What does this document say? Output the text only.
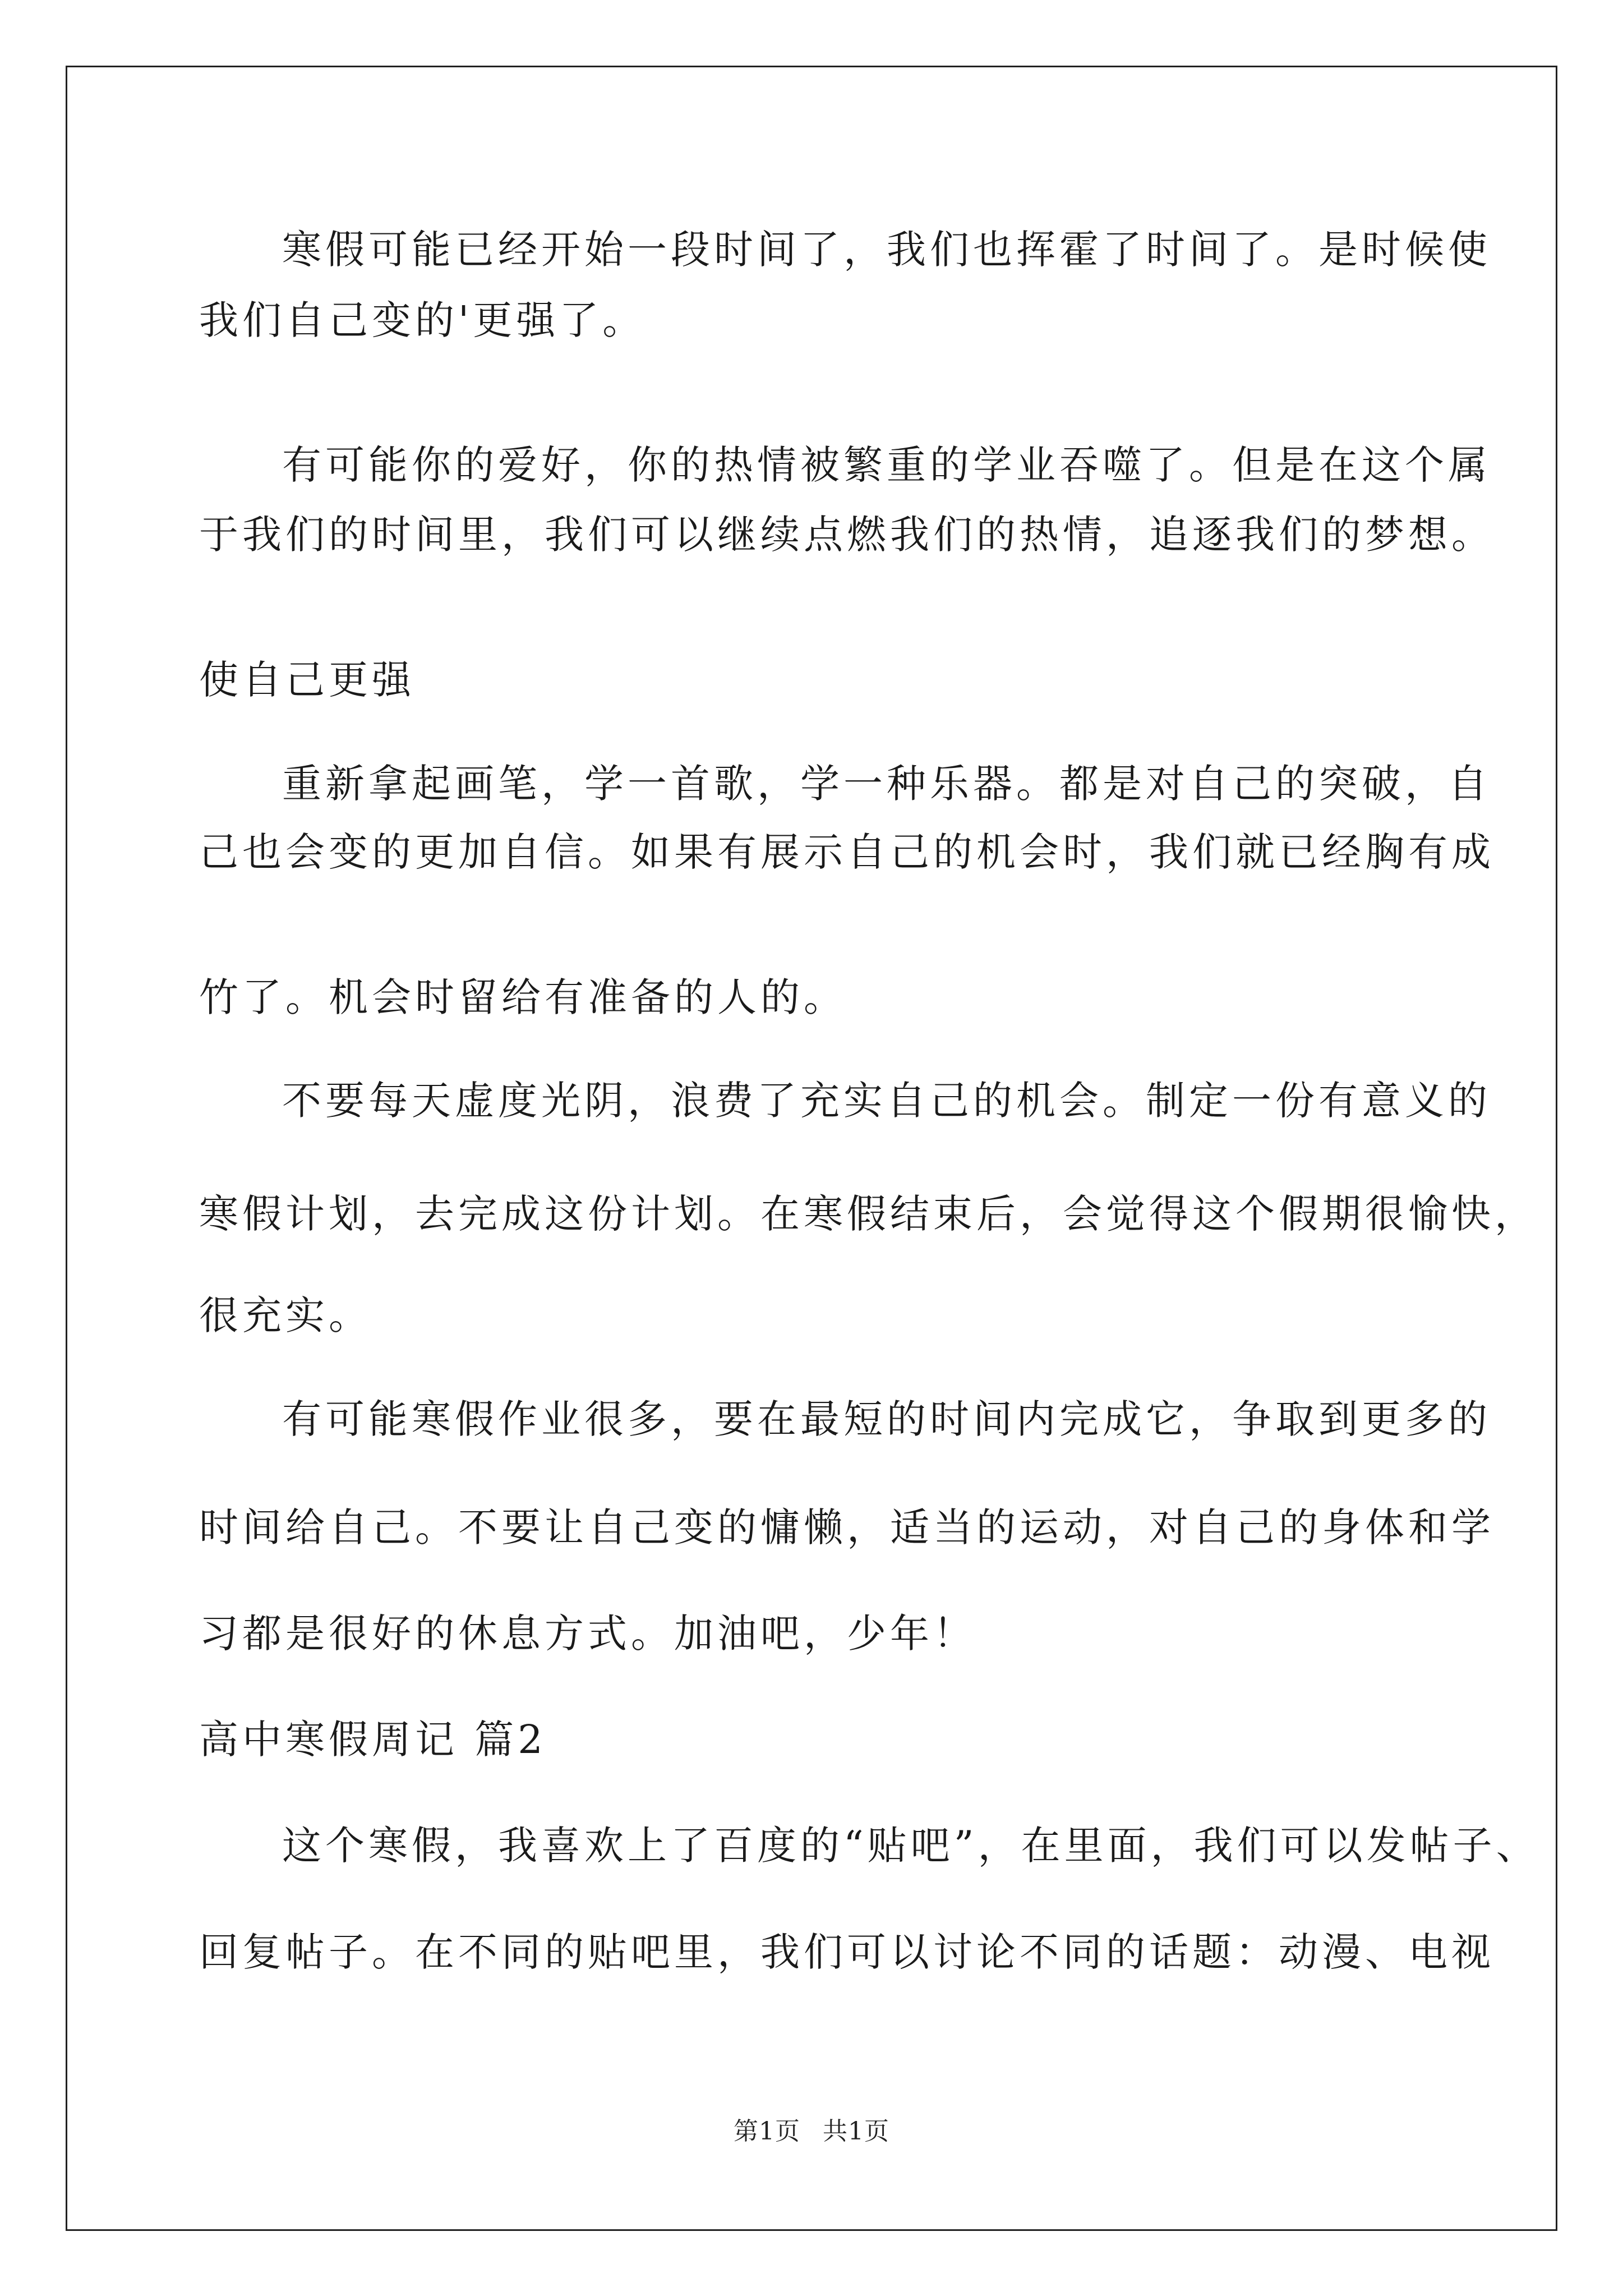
寒假可能已经开始一段时间了，我们也挥霍了时间了。是时候使
我们自己变的'更强了。
有可能你的爱好，你的热情被繁重的学业吞噬了。但是在这个属
于我们的时间里，我们可以继续点燃我们的热情，追逐我们的梦想。
使自己更强
重新拿起画笔，学一首歌，学一种乐器。都是对自己的突破，自
己也会变的更加自信。如果有展示自己的机会时，我们就已经胸有成
竹了。机会时留给有准备的人的。
不要每天虚度光阴，浪费了充实自己的机会。制定一份有意义的
寒假计划，去完成这份计划。在寒假结束后，会觉得这个假期很愉快，
很充实。
有可能寒假作业很多，要在最短的时间内完成它，争取到更多的
时间给自己。不要让自己变的慵懒，适当的运动，对自己的身体和学
习都是很好的休息方式。加油吧，少年！
高中寒假周记 篇2
这个寒假，我喜欢上了百度的“贴吧”，在里面，我们可以发帖子、
回复帖子。在不同的贴吧里，我们可以讨论不同的话题：动漫、电视
第1页 共1页
